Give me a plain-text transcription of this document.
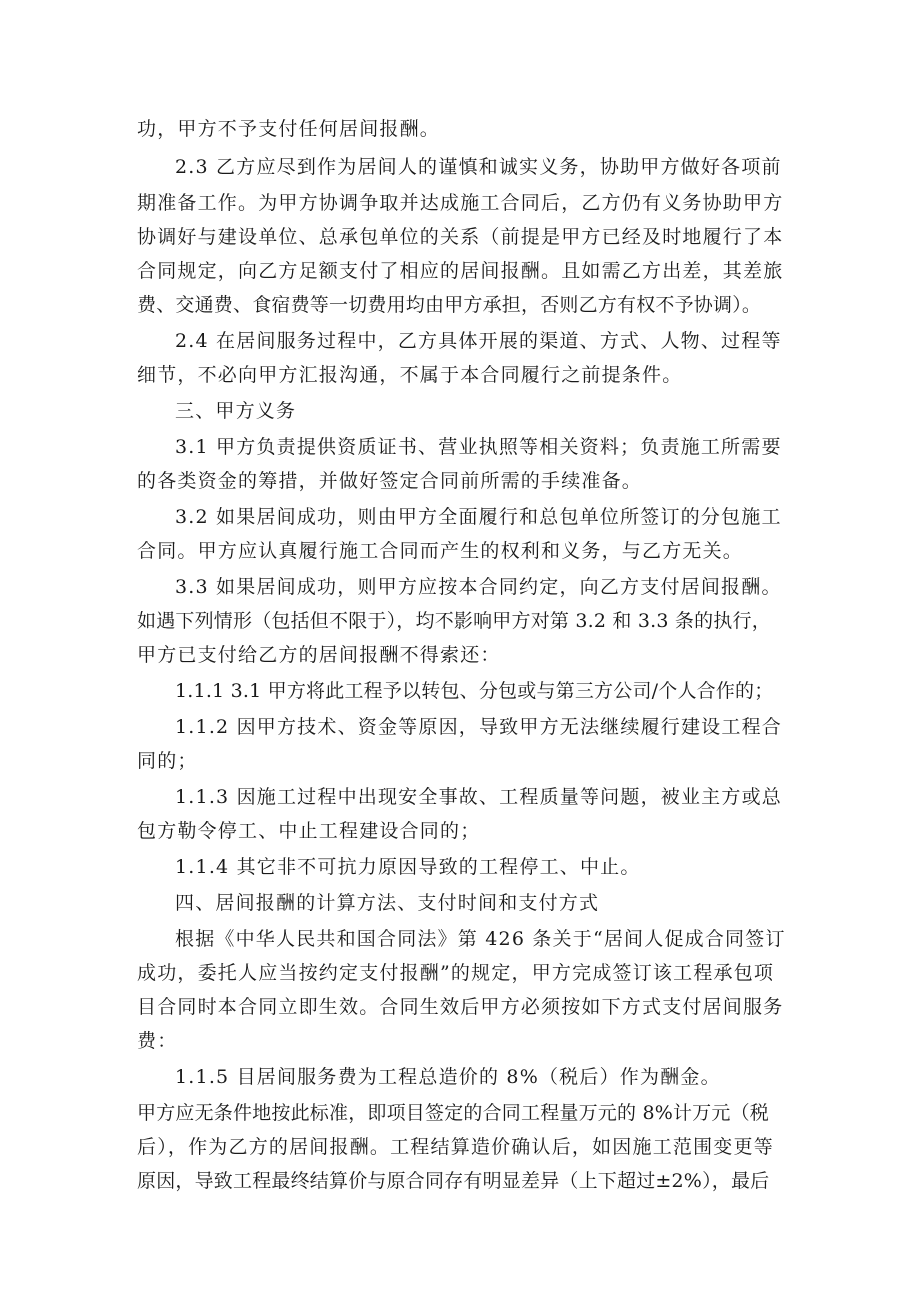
功，甲方不予支付任何居间报酬。
2.3 乙方应尽到作为居间人的谨慎和诚实义务，协助甲方做好各项前
期准备工作。为甲方协调争取并达成施工合同后，乙方仍有义务协助甲方
协调好与建设单位、总承包单位的关系（前提是甲方已经及时地履行了本
合同规定，向乙方足额支付了相应的居间报酬。且如需乙方出差，其差旅
费、交通费、食宿费等一切费用均由甲方承担，否则乙方有权不予协调）。
2.4 在居间服务过程中，乙方具体开展的渠道、方式、人物、过程等
细节，不必向甲方汇报沟通，不属于本合同履行之前提条件。
三、甲方义务
3.1 甲方负责提供资质证书、营业执照等相关资料；负责施工所需要
的各类资金的筹措，并做好签定合同前所需的手续准备。
3.2 如果居间成功，则由甲方全面履行和总包单位所签订的分包施工
合同。甲方应认真履行施工合同而产生的权利和义务，与乙方无关。
3.3 如果居间成功，则甲方应按本合同约定，向乙方支付居间报酬。
如遇下列情形（包括但不限于），均不影响甲方对第 3.2 和 3.3 条的执行，
甲方已支付给乙方的居间报酬不得索还：
1.1.1 3.1 甲方将此工程予以转包、分包或与第三方公司/个人合作的；
1.1.2 因甲方技术、资金等原因，导致甲方无法继续履行建设工程合
同的；
1.1.3 因施工过程中出现安全事故、工程质量等问题，被业主方或总
包方勒令停工、中止工程建设合同的；
1.1.4 其它非不可抗力原因导致的工程停工、中止。
四、居间报酬的计算方法、支付时间和支付方式
根据《中华人民共和国合同法》第 426 条关于“居间人促成合同签订
成功，委托人应当按约定支付报酬”的规定，甲方完成签订该工程承包项
目合同时本合同立即生效。合同生效后甲方必须按如下方式支付居间服务
费：
1.1.5 目居间服务费为工程总造价的 8%（税后）作为酬金。
甲方应无条件地按此标准，即项目签定的合同工程量万元的 8%计万元（税
后），作为乙方的居间报酬。工程结算造价确认后，如因施工范围变更等
原因，导致工程最终结算价与原合同存有明显差异（上下超过±2%），最后
